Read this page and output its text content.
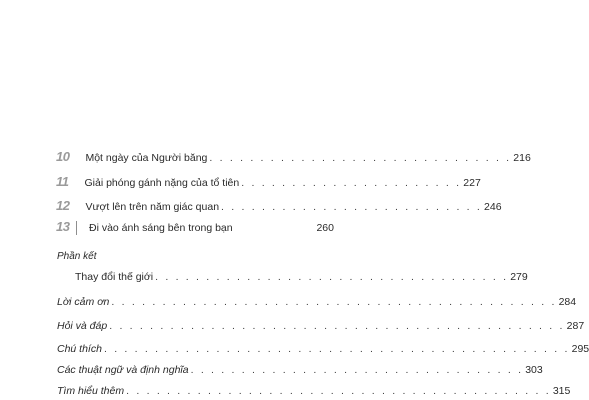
10 Một ngày của Người băng . . . . . . . . . . . . . . . . . . . . . . . . . . . . . . 216
11 Giải phóng gánh nặng của tổ tiên . . . . . . . . . . . . . . . . . . . . . . 227
12 Vượt lên trên năm giác quan . . . . . . . . . . . . . . . . . . . . . . . . . . 246
13 Đi vào ánh sáng bên trong bạn	260
Phần kết
Thay đổi thế giới . . . . . . . . . . . . . . . . . . . . . . . . . . . . . . . . . . . 279
Lời cảm ơn . . . . . . . . . . . . . . . . . . . . . . . . . . . . . . . . . . . . . . . . . . . . 284
Hỏi và đáp . . . . . . . . . . . . . . . . . . . . . . . . . . . . . . . . . . . . . . . . . . . . . 287
Chú thích . . . . . . . . . . . . . . . . . . . . . . . . . . . . . . . . . . . . . . . . . . . . . . 295
Các thuật ngữ và định nghĩa . . . . . . . . . . . . . . . . . . . . . . . . . . . . . . . . . 303
Tìm hiểu thêm . . . . . . . . . . . . . . . . . . . . . . . . . . . . . . . . . . . . . . . . . . 315
